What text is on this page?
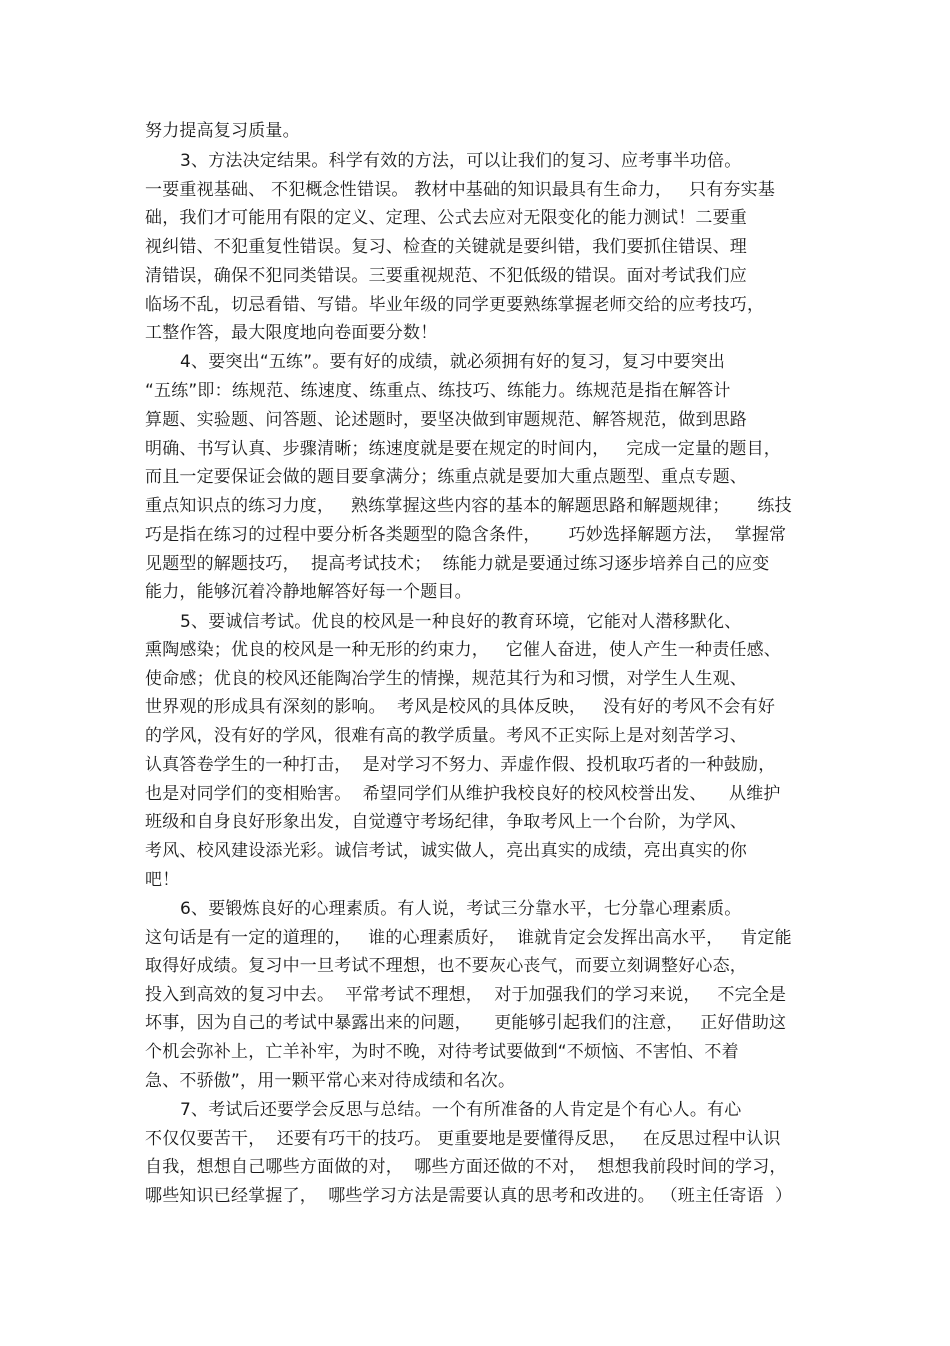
努力提高复习质量。
3、方法决定结果。科学有效的方法，可以让我们的复习、应考事半功倍。
一要重视基础、 不犯概念性错误。 教材中基础的知识最具有生命力，   只有夯实基
础，我们才可能用有限的定义、定理、公式去应对无限变化的能力测试！二要重
视纠错、不犯重复性错误。复习、检查的关键就是要纠错，我们要抓住错误、理
清错误，确保不犯同类错误。三要重视规范、不犯低级的错误。面对考试我们应
临场不乱，切忌看错、写错。毕业年级的同学更要熟练掌握老师交给的应考技巧，
工整作答，最大限度地向卷面要分数！
4、要突出“五练”。要有好的成绩，就必须拥有好的复习，复习中要突出
“五练”即：练规范、练速度、练重点、练技巧、练能力。练规范是指在解答计
算题、实验题、问答题、论述题时，要坚决做到审题规范、解答规范，做到思路
明确、书写认真、步骤清晰；练速度就是要在规定的时间内，   完成一定量的题目，
而且一定要保证会做的题目要拿满分；练重点就是要加大重点题型、重点专题、
重点知识点的练习力度，   熟练掌握这些内容的基本的解题思路和解题规律；     练技
巧是指在练习的过程中要分析各类题型的隐含条件，     巧妙选择解题方法，  掌握常
见题型的解题技巧，  提高考试技术；  练能力就是要通过练习逐步培养自己的应变
能力，能够沉着冷静地解答好每一个题目。
5、要诚信考试。优良的校风是一种良好的教育环境，它能对人潜移默化、
熏陶感染；优良的校风是一种无形的约束力，   它催人奋进，使人产生一种责任感、
使命感；优良的校风还能陶冶学生的情操，规范其行为和习惯，对学生人生观、
世界观的形成具有深刻的影响。  考风是校风的具体反映，   没有好的考风不会有好
的学风，没有好的学风，很难有高的教学质量。考风不正实际上是对刻苦学习、
认真答卷学生的一种打击，  是对学习不努力、弄虚作假、投机取巧者的一种鼓励，
也是对同学们的变相贻害。  希望同学们从维护我校良好的校风校誉出发、    从维护
班级和自身良好形象出发，自觉遵守考场纪律，争取考风上一个台阶，为学风、
考风、校风建设添光彩。诚信考试，诚实做人，亮出真实的成绩，亮出真实的你
吧！
6、要锻炼良好的心理素质。有人说，考试三分靠水平，七分靠心理素质。
这句话是有一定的道理的，   谁的心理素质好，  谁就肯定会发挥出高水平，   肯定能
取得好成绩。复习中一旦考试不理想，也不要灰心丧气，而要立刻调整好心态，
投入到高效的复习中去。  平常考试不理想，  对于加强我们的学习来说，   不完全是
坏事，因为自己的考试中暴露出来的问题，    更能够引起我们的注意，   正好借助这
个机会弥补上，亡羊补牢，为时不晚，对待考试要做到“不烦恼、不害怕、不着
急、不骄傲”，用一颗平常心来对待成绩和名次。
7、考试后还要学会反思与总结。一个有所准备的人肯定是个有心人。有心
不仅仅要苦干，  还要有巧干的技巧。 更重要地是要懂得反思，   在反思过程中认识
自我，想想自己哪些方面做的对，  哪些方面还做的不对，  想想我前段时间的学习，
哪些知识已经掌握了，  哪些学习方法是需要认真的思考和改进的。 （班主任寄语  ）
